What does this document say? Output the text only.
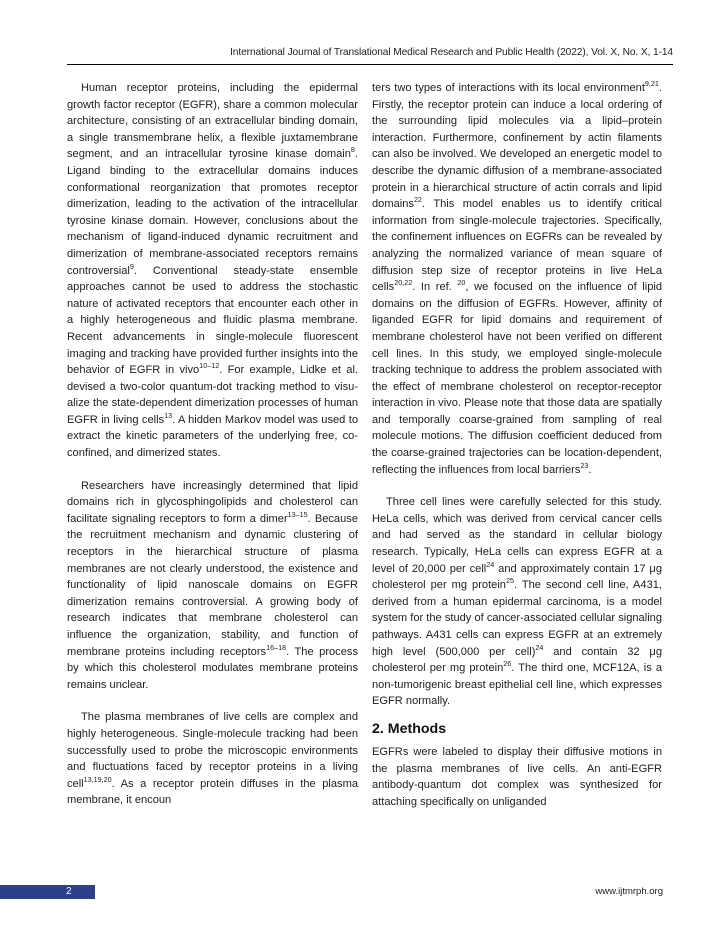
International Journal of Translational Medical Research and Public Health (2022), Vol. X, No. X, 1-14

Human receptor proteins, including the epidermal growth factor receptor (EGFR), share a common molecular architecture, consisting of an extracellular binding domain, a single transmembrane helix, a flexible juxtamembrane segment, and an intracellular tyrosine kinase domain$^8$. Ligand binding to the extracellular domains induces conformational reorganization that promotes receptor dimerization, leading to the activation of the intracellular tyrosine kinase domain. However, conclusions about the mechanism of ligand-induced dynamic recruitment and dimerization of membrane-associated receptors remains controversial$^9$. Conventional steady-state ensemble approaches cannot be used to address the stochastic nature of activated receptors that encounter each other in a highly heterogeneous and fluidic plasma membrane. Recent advancements in single-molecule fluorescent imaging and tracking have provided further insights into the behavior of EGFR in vivo$^{10-12}$. For example, Lidke et al. devised a two-color quantum-dot tracking method to visualize the state-dependent dimerization processes of human EGFR in living cells$^{13}$. A hidden Markov model was used to extract the kinetic parameters of the underlying free, co-confined, and dimerized states.

Researchers have increasingly determined that lipid domains rich in glycosphingolipids and cholesterol can facilitate signaling receptors to form a dimer$^{13-15}$. Because the recruitment mechanism and dynamic clustering of receptors in the hierarchical structure of plasma membranes are not clearly understood, the existence and functionality of lipid nanoscale domains on EGFR dimerization remains controversial. A growing body of research indicates that membrane cholesterol can influence the organization, stability, and function of membrane proteins including receptors$^{16-18}$. The process by which this cholesterol modulates membrane proteins remains unclear.

The plasma membranes of live cells are complex and highly heterogeneous. Single-molecule tracking had been successfully used to probe the microscopic environments and fluctuations faced by receptor proteins in a living cell$^{13,19,20}$. As a receptor protein diffuses in the plasma membrane, it encoun

ters two types of interactions with its local environment$^{9,21}$. Firstly, the receptor protein can induce a local ordering of the surrounding lipid molecules via a lipid–protein interaction. Furthermore, confinement by actin filaments can also be involved. We developed an energetic model to describe the dynamic diffusion of a membrane-associated protein in a hierarchical structure of actin corrals and lipid domains$^{22}$. This model enables us to identify critical information from single-molecule trajectories. Specifically, the confinement influences on EGFRs can be revealed by analyzing the normalized variance of mean square of diffusion step size of receptor proteins in live HeLa cells$^{20,22}$. In ref. $^{20}$, we focused on the influence of lipid domains on the diffusion of EGFRs. However, affinity of liganded EGFR for lipid domains and requirement of membrane cholesterol have not been verified on different cell lines. In this study, we employed single-molecule tracking technique to address the problem associated with the effect of membrane cholesterol on receptor-receptor interaction in vivo. Please note that those data are spatially and temporally coarse-grained from sampling of real molecule motions. The diffusion coefficient deduced from the coarse-grained trajectories can be location-dependent, reflecting the influences from local barriers$^{23}$.

Three cell lines were carefully selected for this study. HeLa cells, which was derived from cervical cancer cells and had served as the standard in cellular biology research. Typically, HeLa cells can express EGFR at a level of 20,000 per cell$^{24}$ and approximately contain 17 μg cholesterol per mg protein$^{25}$. The second cell line, A431, derived from a human epidermal carcinoma, is a model system for the study of cancer-associated cellular signaling pathways. A431 cells can express EGFR at an extremely high level (500,000 per cell)$^{24}$ and contain 32 μg cholesterol per mg protein$^{26}$. The third one, MCF12A, is a non-tumorigenic breast epithelial cell line, which expresses EGFR normally.

2. Methods

EGFRs were labeled to display their diffusive motions in the plasma membranes of live cells. An anti-EGFR antibody-quantum dot complex was synthesized for attaching specifically on unliganded

2	www.ijtmrph.org
